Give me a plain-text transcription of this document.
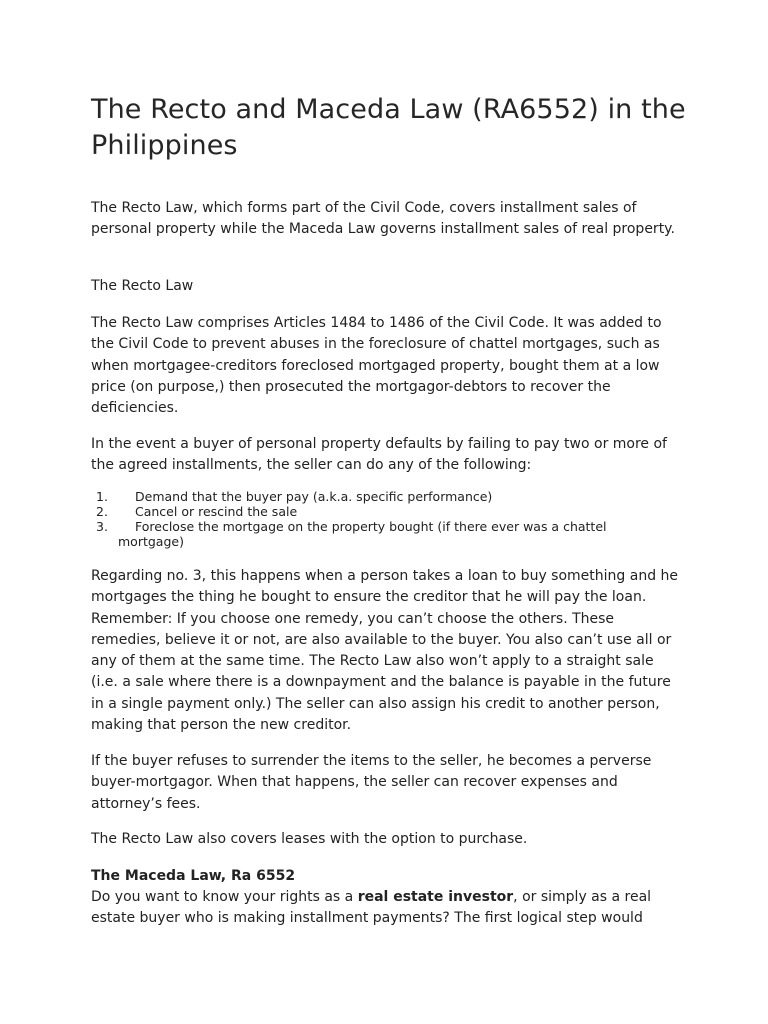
The Recto and Maceda Law (RA6552) in the Philippines

The Recto Law, which forms part of the Civil Code, covers installment sales of personal property while the Maceda Law governs installment sales of real property.

The Recto Law

The Recto Law comprises Articles 1484 to 1486 of the Civil Code. It was added to the Civil Code to prevent abuses in the foreclosure of chattel mortgages, such as when mortgagee-creditors foreclosed mortgaged property, bought them at a low price (on purpose,) then prosecuted the mortgagor-debtors to recover the deficiencies.

In the event a buyer of personal property defaults by failing to pay two or more of the agreed installments, the seller can do any of the following:

1. Demand that the buyer pay (a.k.a. specific performance)
2. Cancel or rescind the sale
3. Foreclose the mortgage on the property bought (if there ever was a chattel
mortgage)

Regarding no. 3, this happens when a person takes a loan to buy something and he mortgages the thing he bought to ensure the creditor that he will pay the loan. Remember: If you choose one remedy, you can’t choose the others. These remedies, believe it or not, are also available to the buyer. You also can’t use all or any of them at the same time. The Recto Law also won’t apply to a straight sale (i.e. a sale where there is a downpayment and the balance is payable in the future in a single payment only.) The seller can also assign his credit to another person, making that person the new creditor.

If the buyer refuses to surrender the items to the seller, he becomes a perverse buyer-mortgagor. When that happens, the seller can recover expenses and attorney’s fees.

The Recto Law also covers leases with the option to purchase.

The Maceda Law, Ra 6552

Do you want to know your rights as a real estate investor, or simply as a real estate buyer who is making installment payments? The first logical step would
